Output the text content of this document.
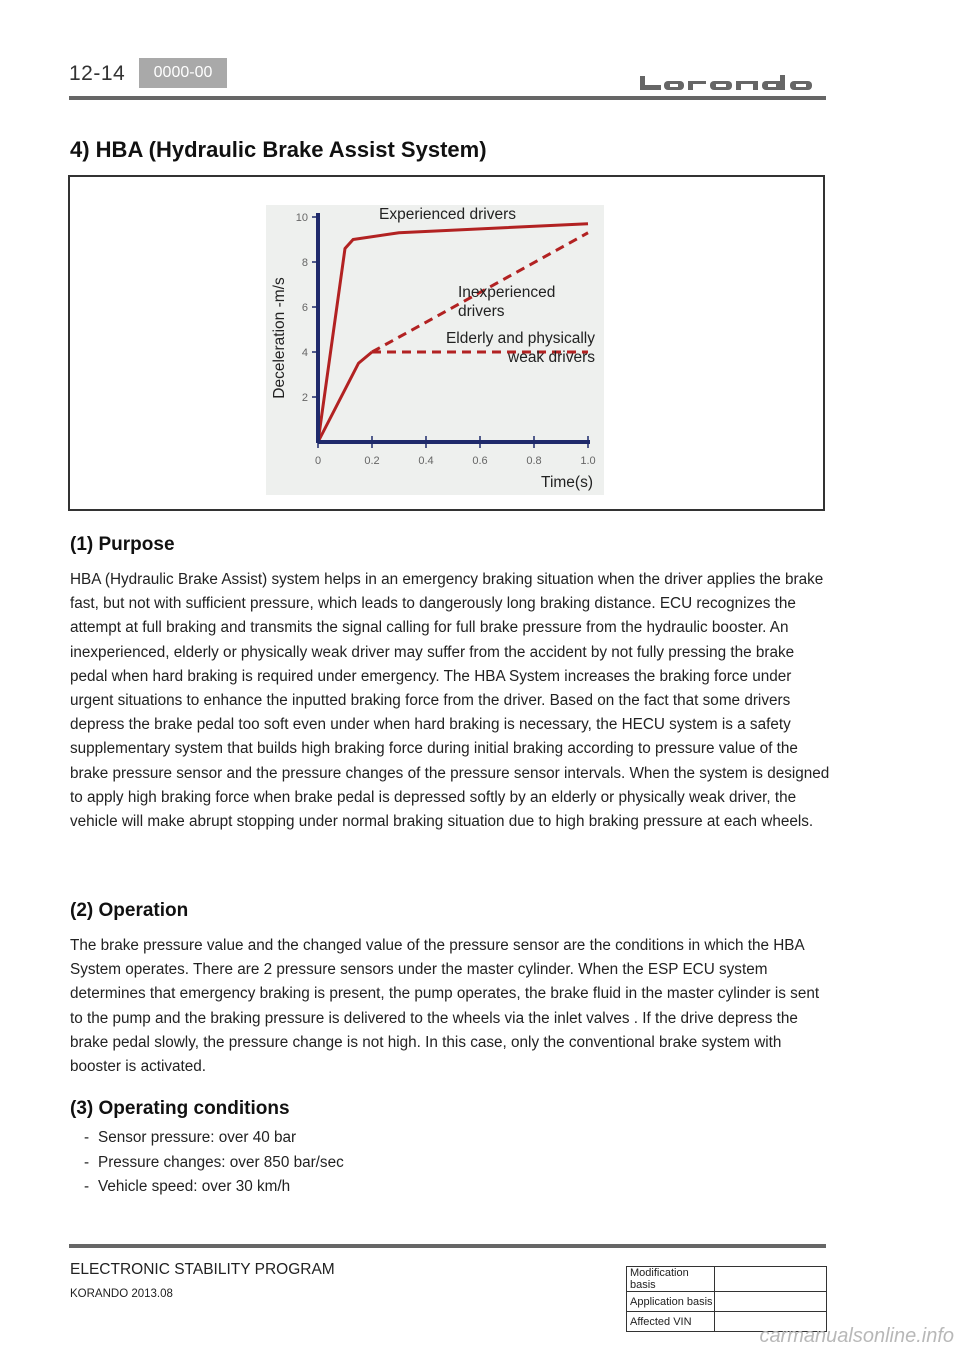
12-14	0000-00
4) HBA (Hydraulic Brake Assist System)
0	0.2	0.4	0.6	0.8	1.0
2
4
6
8
10
Deceleration -m/s
Time(s)
Experienced drivers
Inexperienced
drivers
Elderly and physically
weak drivers
(1) Purpose

HBA (Hydraulic Brake Assist) system helps in an emergency braking situation when the driver applies the brake fast, but not with sufficient pressure, which leads to dangerously long braking distance. ECU recognizes the attempt at full braking and transmits the signal calling for full brake pressure from the hydraulic booster. An inexperienced, elderly or physically weak driver may suffer from the accident by not fully pressing the brake pedal when hard braking is required under emergency. The HBA System increases the braking force under urgent situations to enhance the inputted braking force from the driver. Based on the fact that some drivers depress the brake pedal too soft even under when hard braking is necessary, the HECU system is a safety supplementary system that builds high braking force during initial braking according to pressure value of the brake pressure sensor and the pressure changes of the pressure sensor intervals. When the system is designed to apply high braking force when brake pedal is depressed softly by an elderly or physically weak driver, the vehicle will make abrupt stopping under normal braking situation due to high braking pressure at each wheels.

(2) Operation

The brake pressure value and the changed value of the pressure sensor are the conditions in which the HBA System operates. There are 2 pressure sensors under the master cylinder. When the ESP ECU system determines that emergency braking is present, the pump operates, the brake fluid in the master cylinder is sent to the pump and the braking pressure is delivered to the wheels via the inlet valves . If the drive depress the brake pedal slowly, the pressure change is not high. In this case, only the conventional brake system with booster is activated.

(3) Operating conditions
- Sensor pressure: over 40 bar
- Pressure changes: over 850 bar/sec
- Vehicle speed: over 30 km/h
ELECTRONIC STABILITY PROGRAM
KORANDO 2013.08
Modification basis	
Application basis	
Affected VIN	
carmanualsonline.info
